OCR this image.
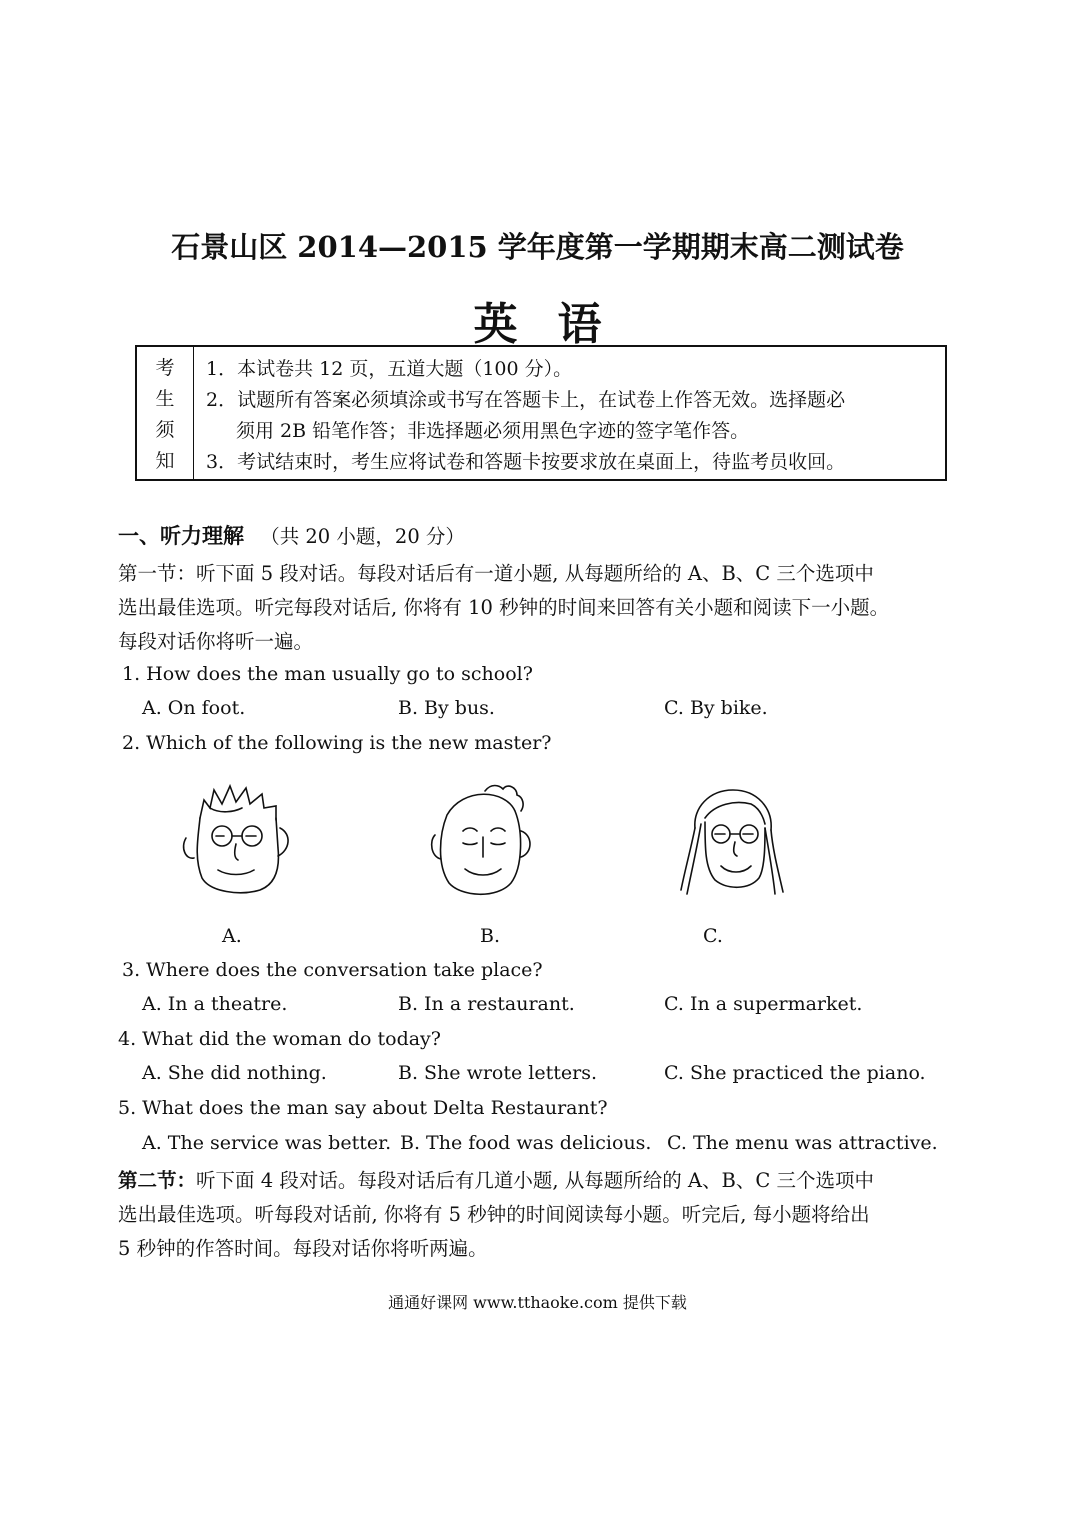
石景山区 2014—2015 学年度第一学期期末高二测试卷
英语
考
生
须
知
1．本试卷共 12 页，五道大题（100 分）。
2．试题所有答案必须填涂或书写在答题卡上，在试卷上作答无效。选择题必
须用 2B 铅笔作答；非选择题必须用黑色字迹的签字笔作答。
3．考试结束时，考生应将试卷和答题卡按要求放在桌面上，待监考员收回。
一、听力理解 （共 20 小题，20 分）
第一节：听下面 5 段对话。每段对话后有一道小题, 从每题所给的 A、B、C 三个选项中
选出最佳选项。听完每段对话后, 你将有 10 秒钟的时间来回答有关小题和阅读下一小题。
每段对话你将听一遍。
1. How does the man usually go to school?
A. On foot.	B. By bus.	C. By bike.
2. Which of the following is the new master?
A.	B.	C.
3. Where does the conversation take place?
A. In a theatre.	B. In a restaurant.	C. In a supermarket.
4. What did the woman do today?
A. She did nothing.	B. She wrote letters.	C. She practiced the piano.
5. What does the man say about Delta Restaurant?
A. The service was better. B. The food was delicious. C. The menu was attractive.
第二节：听下面 4 段对话。每段对话后有几道小题, 从每题所给的 A、B、C 三个选项中
选出最佳选项。听每段对话前, 你将有 5 秒钟的时间阅读每小题。听完后, 每小题将给出
5 秒钟的作答时间。每段对话你将听两遍。
通通好课网 www.tthaoke.com 提供下载
